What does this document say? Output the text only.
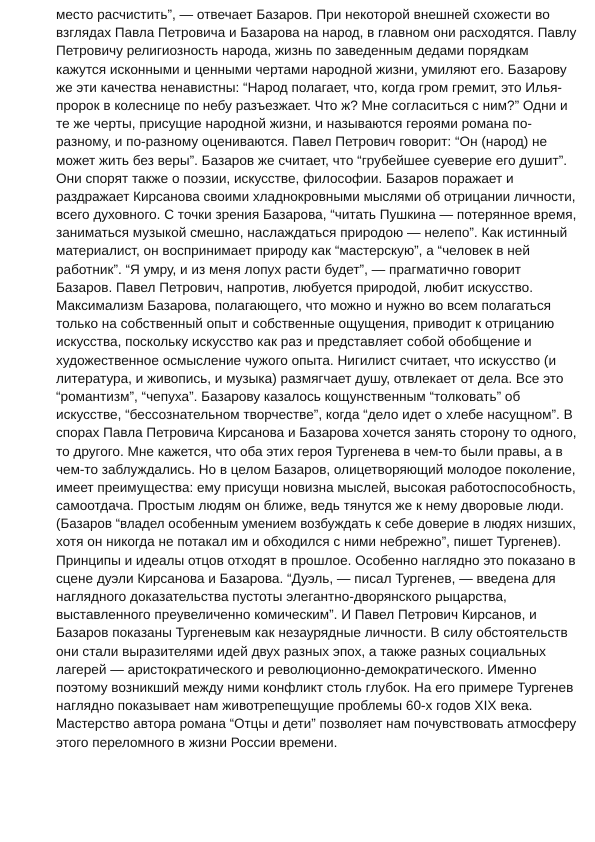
место расчистить”, — отвечает Базаров. При некоторой внешней схожести во
взглядах Павла Петровича и Базарова на народ, в главном они расходятся. Павлу
Петровичу религиозность народа, жизнь по заведенным дедами порядкам
кажутся исконными и ценными чертами народной жизни, умиляют его. Базарову
же эти качества ненавистны: “Народ полагает, что, когда гром гремит, это Илья-
пророк в колеснице по небу разъезжает. Что ж? Мне согласиться с ним?” Одни и
те же черты, присущие народной жизни, и называются героями романа по-
разному, и по-разному оцениваются. Павел Петрович говорит: “Он (народ) не
может жить без веры”. Базаров же считает, что “грубейшее суеверие его душит”.
Они спорят также о поэзии, искусстве, философии. Базаров поражает и
раздражает Кирсанова своими хладнокровными мыслями об отрицании личности,
всего духовного. С точки зрения Базарова, “читать Пушкина — потерянное время,
заниматься музыкой смешно, наслаждаться природою — нелепо”. Как истинный
материалист, он воспринимает природу как “мастерскую”, а “человек в ней
работник”. “Я умру, и из меня лопух расти будет”, — прагматично говорит
Базаров. Павел Петрович, напротив, любуется природой, любит искусство.
Максимализм Базарова, полагающего, что можно и нужно во всем полагаться
только на собственный опыт и собственные ощущения, приводит к отрицанию
искусства, поскольку искусство как раз и представляет собой обобщение и
художественное осмысление чужого опыта. Нигилист считает, что искусство (и
литература, и живопись, и музыка) размягчает душу, отвлекает от дела. Все это
“романтизм”, “чепуха”. Базарову казалось кощунственным “толковать” об
искусстве, “бессознательном творчестве”, когда “дело идет о хлебе насущном”. В
спорах Павла Петровича Кирсанова и Базарова хочется занять сторону то одного,
то другого. Мне кажется, что оба этих героя Тургенева в чем-то были правы, а в
чем-то заблуждались. Но в целом Базаров, олицетворяющий молодое поколение,
имеет преимущества: ему присущи новизна мыслей, высокая работоспособность,
самоотдача. Простым людям он ближе, ведь тянутся же к нему дворовые люди.
(Базаров “владел особенным умением возбуждать к себе доверие в людях низших,
хотя он никогда не потакал им и обходился с ними небрежно”, пишет Тургенев).
Принципы и идеалы отцов отходят в прошлое. Особенно наглядно это показано в
сцене дуэли Кирсанова и Базарова. “Дуэль, — писал Тургенев, — введена для
наглядного доказательства пустоты элегантно-дворянского рыцарства,
выставленного преувеличенно комическим”. И Павел Петрович Кирсанов, и
Базаров показаны Тургеневым как незаурядные личности. В силу обстоятельств
они стали выразителями идей двух разных эпох, а также разных социальных
лагерей — аристократического и революционно-демократического. Именно
поэтому возникший между ними конфликт столь глубок. На его примере Тургенев
наглядно показывает нам животрепещущие проблемы 60-х годов XIX века.
Мастерство автора романа “Отцы и дети” позволяет нам почувствовать атмосферу
этого переломного в жизни России времени.
